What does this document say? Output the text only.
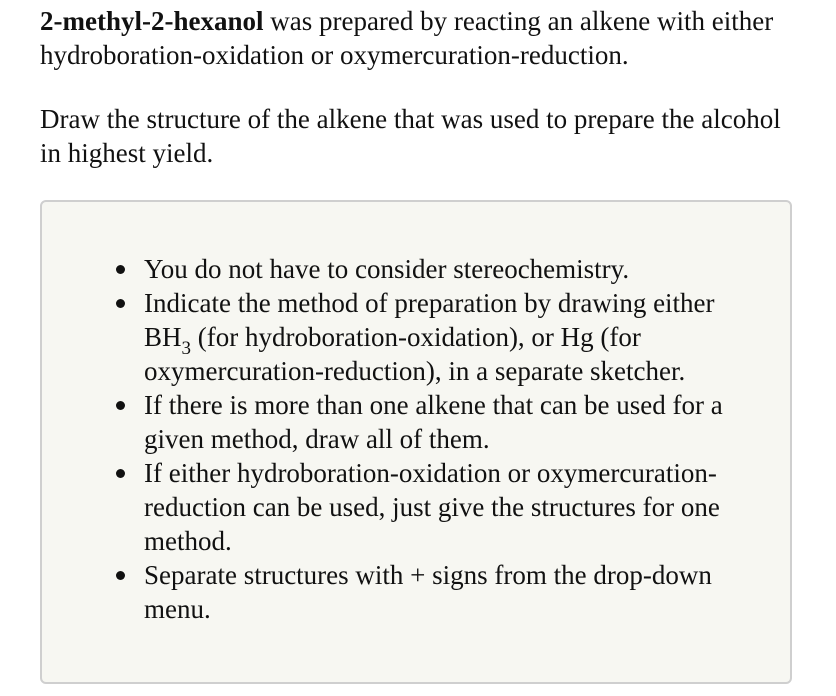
2-methyl-2-hexanol was prepared by reacting an alkene with either hydroboration-oxidation or oxymercuration-reduction.

Draw the structure of the alkene that was used to prepare the alcohol in highest yield.

You do not have to consider stereochemistry.
Indicate the method of preparation by drawing either $BH_3$ (for hydroboration-oxidation), or Hg (for oxymercuration-reduction), in a separate sketcher.
If there is more than one alkene that can be used for a given method, draw all of them.
If either hydroboration-oxidation or oxymercuration-reduction can be used, just give the structures for one method.
Separate structures with + signs from the drop-down menu.
